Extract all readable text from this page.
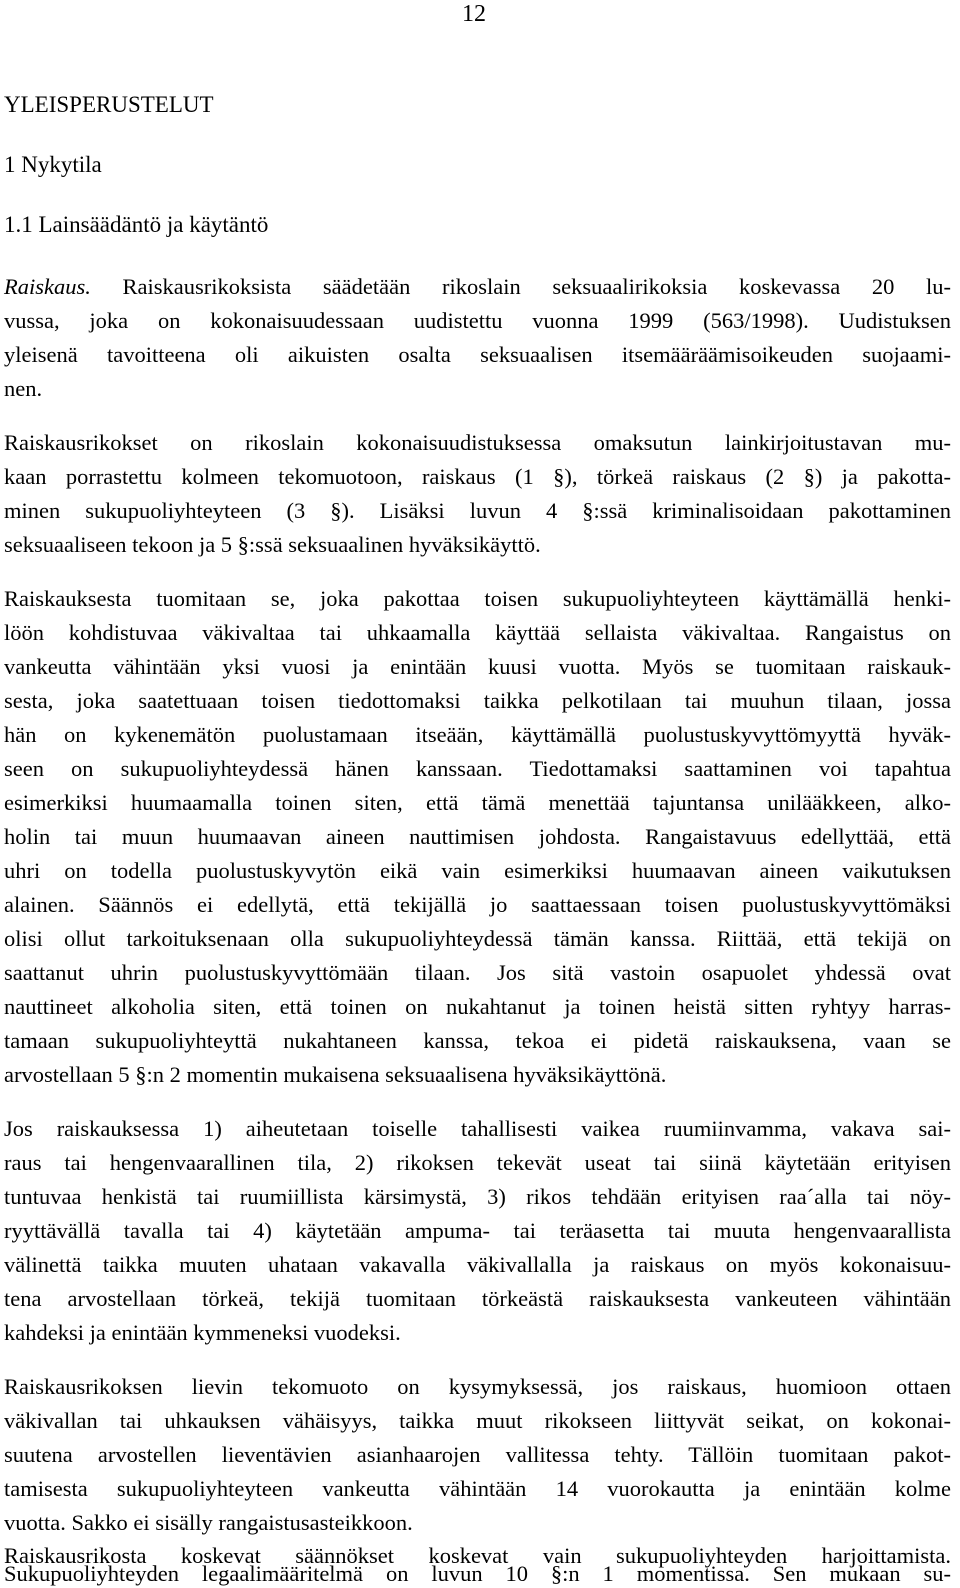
12
YLEISPERUSTELUT
1 Nykytila
1.1 Lainsäädäntö ja käytäntö
Raiskaus. Raiskausrikoksista säädetään rikoslain seksuaalirikoksia koskevassa 20 lu-
vussa, joka on kokonaisuudessaan uudistettu vuonna 1999 (563/1998). Uudistuksen
yleisenä tavoitteena oli aikuisten osalta seksuaalisen itsemääräämisoikeuden suojaami-
nen.
Raiskausrikokset on rikoslain kokonaisuudistuksessa omaksutun lainkirjoitustavan mu-
kaan porrastettu kolmeen tekomuotoon, raiskaus (1 §), törkeä raiskaus (2 §) ja pakotta-
minen sukupuoliyhteyteen (3 §). Lisäksi luvun 4 §:ssä kriminalisoidaan pakottaminen
seksuaaliseen tekoon ja 5 §:ssä seksuaalinen hyväksikäyttö.
Raiskauksesta tuomitaan se, joka pakottaa toisen sukupuoliyhteyteen käyttämällä henki-
löön kohdistuvaa väkivaltaa tai uhkaamalla käyttää sellaista väkivaltaa. Rangaistus on
vankeutta vähintään yksi vuosi ja enintään kuusi vuotta. Myös se tuomitaan raiskauk-
sesta, joka saatettuaan toisen tiedottomaksi taikka pelkotilaan tai muuhun tilaan, jossa
hän on kykenemätön puolustamaan itseään, käyttämällä puolustuskyvyttömyyttä hyväk-
seen on sukupuoliyhteydessä hänen kanssaan. Tiedottamaksi saattaminen voi tapahtua
esimerkiksi huumaamalla toinen siten, että tämä menettää tajuntansa unilääkkeen, alko-
holin tai muun huumaavan aineen nauttimisen johdosta. Rangaistavuus edellyttää, että
uhri on todella puolustuskyvytön eikä vain esimerkiksi huumaavan aineen vaikutuksen
alainen. Säännös ei edellytä, että tekijällä jo saattaessaan toisen puolustuskyvyttömäksi
olisi ollut tarkoituksenaan olla sukupuoliyhteydessä tämän kanssa. Riittää, että tekijä on
saattanut uhrin puolustuskyvyttömään tilaan. Jos sitä vastoin osapuolet yhdessä ovat
nauttineet alkoholia siten, että toinen on nukahtanut ja toinen heistä sitten ryhtyy harras-
tamaan sukupuoliyhteyttä nukahtaneen kanssa, tekoa ei pidetä raiskauksena, vaan se
arvostellaan 5 §:n 2 momentin mukaisena seksuaalisena hyväksikäyttönä.
Jos raiskauksessa 1) aiheutetaan toiselle tahallisesti vaikea ruumiinvamma, vakava sai-
raus tai hengenvaarallinen tila, 2) rikoksen tekevät useat tai siinä käytetään erityisen
tuntuvaa henkistä tai ruumiillista kärsimystä, 3) rikos tehdään erityisen raa´alla tai nöy-
ryyttävällä tavalla tai 4) käytetään ampuma- tai teräasetta tai muuta hengenvaarallista
välinettä taikka muuten uhataan vakavalla väkivallalla ja raiskaus on myös kokonaisuu-
tena arvostellaan törkeä, tekijä tuomitaan törkeästä raiskauksesta vankeuteen vähintään
kahdeksi ja enintään kymmeneksi vuodeksi.
Raiskausrikoksen lievin tekomuoto on kysymyksessä, jos raiskaus, huomioon ottaen
väkivallan tai uhkauksen vähäisyys, taikka muut rikokseen liittyvät seikat, on kokonai-
suutena arvostellen lieventävien asianhaarojen vallitessa tehty. Tällöin tuomitaan pakot-
tamisesta sukupuoliyhteyteen vankeutta vähintään 14 vuorokautta ja enintään kolme
vuotta. Sakko ei sisälly rangaistusasteikkoon.
Raiskausrikosta koskevat säännökset koskevat vain sukupuoliyhteyden harjoittamista.
Sukupuoliyhteyden legaalimääritelmä on luvun 10 §:n 1 momentissa. Sen mukaan su-
